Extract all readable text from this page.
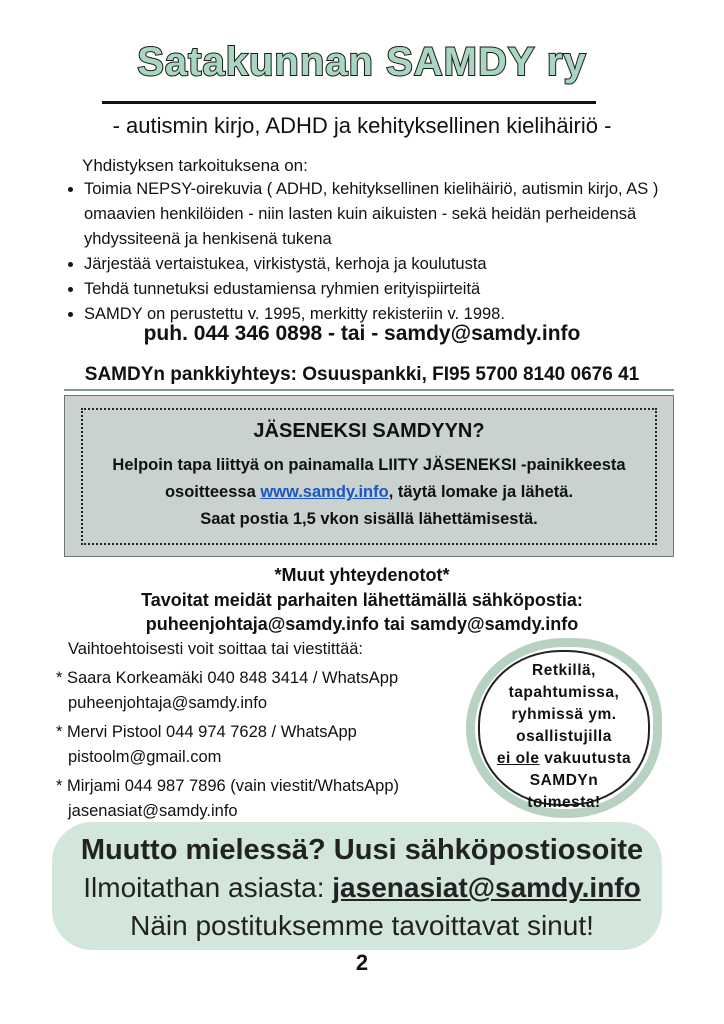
Satakunnan SAMDY ry
- autismin kirjo, ADHD ja kehityksellinen kielihäiriö -
Yhdistyksen tarkoituksena on:
• Toimia NEPSY-oirekuvia ( ADHD, kehityksellinen kielihäiriö, autismin kirjo, AS ) omaavien henkilöiden - niin lasten kuin aikuisten - sekä heidän perheidensä yhdyssiteenä ja henkisenä tukena
• Järjestää vertaistukea, virkistystä, kerhoja ja koulutusta
• Tehdä tunnetuksi edustamiensa ryhmien erityispiirteitä
• SAMDY on perustettu v. 1995, merkitty rekisteriin v. 1998.
puh. 044 346 0898 - tai - samdy@samdy.info
SAMDYn pankkiyhteys: Osuuspankki, FI95 5700 8140 0676 41
JÄSENEKSI SAMDYYN?
Helpoin tapa liittyä on painamalla LIITY JÄSENEKSI -painikkeesta
osoitteessa www.samdy.info, täytä lomake ja lähetä.
Saat postia 1,5 vkon sisällä lähettämisestä.
*Muut yhteydenotot*
Tavoitat meidät parhaiten lähettämällä sähköpostia:
puheenjohtaja@samdy.info tai samdy@samdy.info
Vaihtoehtoisesti voit soittaa tai viestittää:
* Saara Korkeamäki 040 848 3414 / WhatsApp
puheenjohtaja@samdy.info
* Mervi Pistool 044 974 7628 / WhatsApp
pistoolm@gmail.com
* Mirjami 044 987 7896 (vain viestit/WhatsApp)
jasenasiat@samdy.info
Retkillä,
tapahtumissa,
ryhmissä ym.
osallistujilla
ei ole vakuutusta
SAMDYn
toimesta!
Muutto mielessä? Uusi sähköpostiosoite
Ilmoitathan asiasta: jasenasiat@samdy.info
Näin postituksemme tavoittavat sinut!
2
